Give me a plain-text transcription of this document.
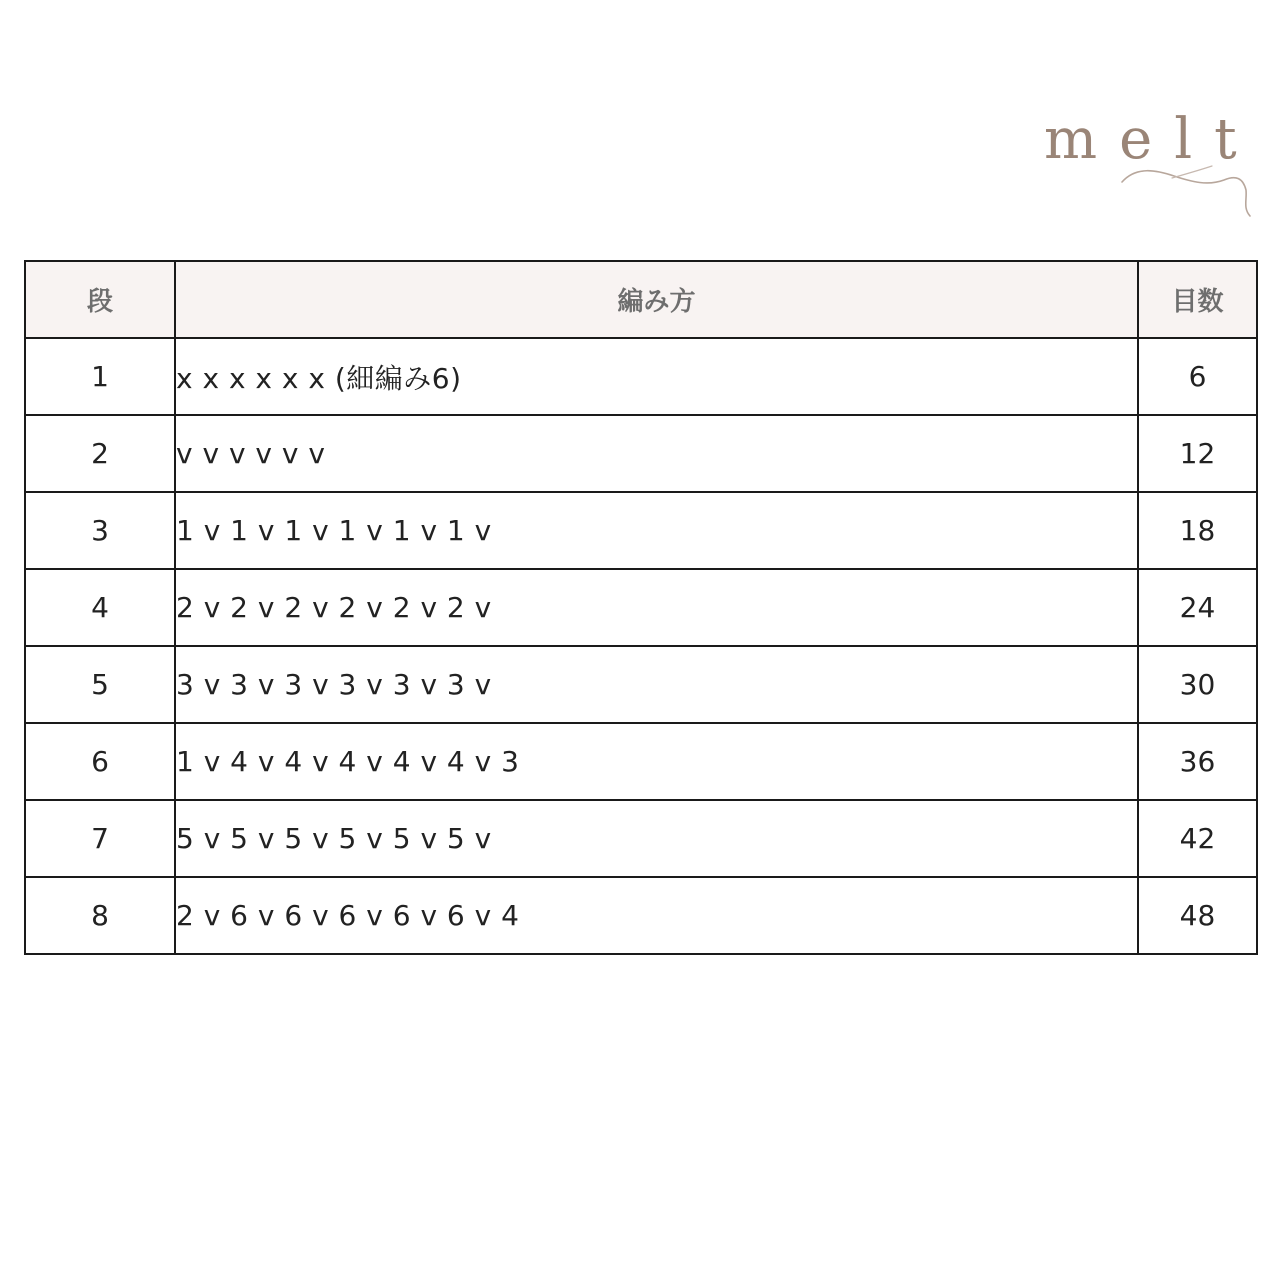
melt
段	編み方	目数
1	x x x x x x (細編み6)	6
2	v v v v v v	12
3	1 v 1 v 1 v 1 v 1 v 1 v	18
4	2 v 2 v 2 v 2 v 2 v 2 v	24
5	3 v 3 v 3 v 3 v 3 v 3 v	30
6	1 v 4 v 4 v 4 v 4 v 4 v 3	36
7	5 v 5 v 5 v 5 v 5 v 5 v	42
8	2 v 6 v 6 v 6 v 6 v 6 v 4	48
